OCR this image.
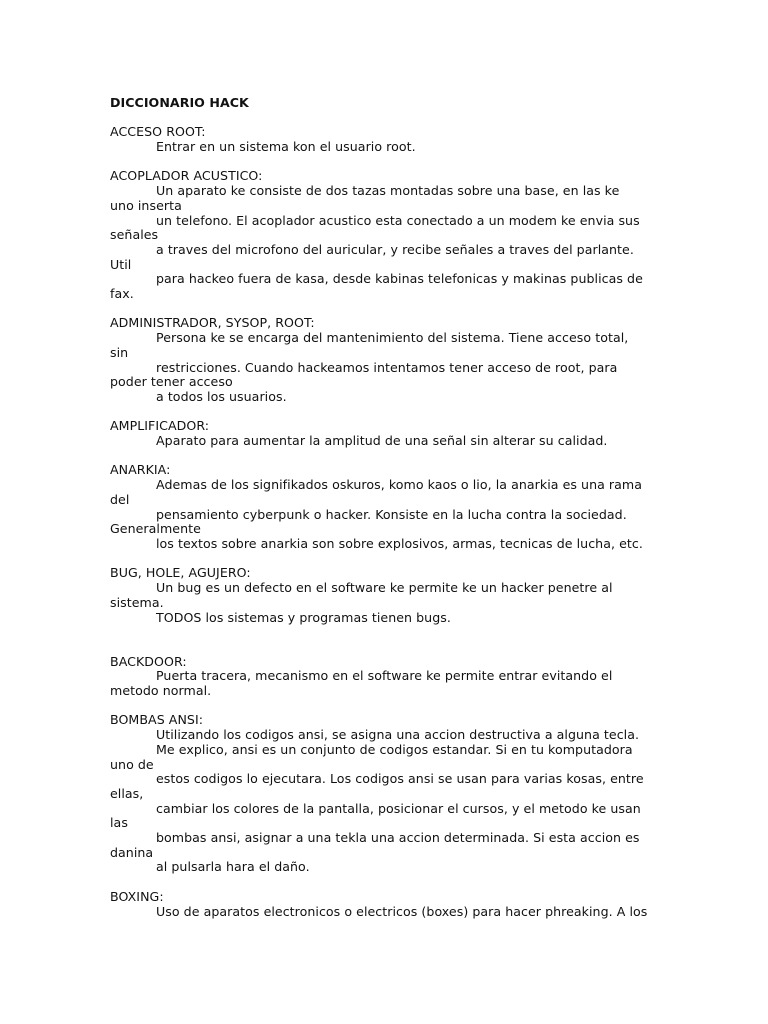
DICCIONARIO HACK
ACCESO ROOT:
Entrar en un sistema kon el usuario root.
ACOPLADOR ACUSTICO:
Un aparato ke consiste de dos tazas montadas sobre una base, en las ke
uno inserta
un telefono. El acoplador acustico esta conectado a un modem ke envia sus
señales
a traves del microfono del auricular, y recibe señales a traves del parlante.
Util
para hackeo fuera de kasa, desde kabinas telefonicas y makinas publicas de
fax.
ADMINISTRADOR, SYSOP, ROOT:
Persona ke se encarga del mantenimiento del sistema. Tiene acceso total,
sin
restricciones. Cuando hackeamos intentamos tener acceso de root, para
poder tener acceso
a todos los usuarios.
AMPLIFICADOR:
Aparato para aumentar la amplitud de una señal sin alterar su calidad.
ANARKIA:
Ademas de los signifikados oskuros, komo kaos o lio, la anarkia es una rama
del
pensamiento cyberpunk o hacker. Konsiste en la lucha contra la sociedad.
Generalmente
los textos sobre anarkia son sobre explosivos, armas, tecnicas de lucha, etc.
BUG, HOLE, AGUJERO:
Un bug es un defecto en el software ke permite ke un hacker penetre al
sistema.
TODOS los sistemas y programas tienen bugs.
BACKDOOR:
Puerta tracera, mecanismo en el software ke permite entrar evitando el
metodo normal.
BOMBAS ANSI:
Utilizando los codigos ansi, se asigna una accion destructiva a alguna tecla.
Me explico, ansi es un conjunto de codigos estandar. Si en tu komputadora
uno de
estos codigos lo ejecutara. Los codigos ansi se usan para varias kosas, entre
ellas,
cambiar los colores de la pantalla, posicionar el cursos, y el metodo ke usan
las
bombas ansi, asignar a una tekla una accion determinada. Si esta accion es
danina
al pulsarla hara el daño.
BOXING:
Uso de aparatos electronicos o electricos (boxes) para hacer phreaking. A los
